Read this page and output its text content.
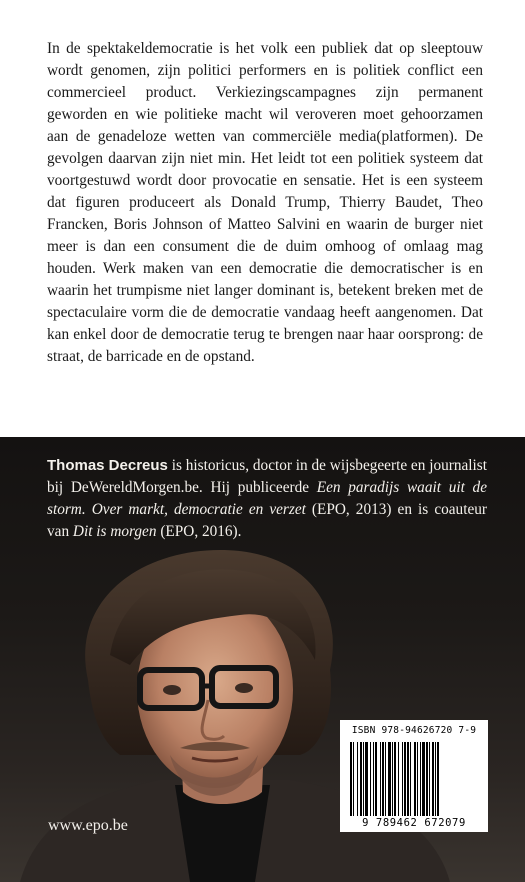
In de spektakeldemocratie is het volk een publiek dat op sleeptouw wordt genomen, zijn politici performers en is politiek conflict een commercieel product. Verkiezingscampagnes zijn permanent geworden en wie politieke macht wil veroveren moet gehoorzamen aan de genadeloze wetten van commerciële media(platformen). De gevolgen daarvan zijn niet min. Het leidt tot een politiek systeem dat voortgestuwd wordt door provocatie en sensatie. Het is een systeem dat figuren produceert als Donald Trump, Thierry Baudet, Theo Francken, Boris Johnson of Matteo Salvini en waarin de burger niet meer is dan een consument die de duim omhoog of omlaag mag houden. Werk maken van een democratie die democratischer is en waarin het trumpisme niet langer dominant is, betekent breken met de spectaculaire vorm die de democratie vandaag heeft aangenomen. Dat kan enkel door de democratie terug te brengen naar haar oorsprong: de straat, de barricade en de opstand.

Thomas Decreus is historicus, doctor in de wijsbegeerte en journalist bij DeWereldMorgen.be. Hij publiceerde Een paradijs waait uit de storm. Over markt, democratie en verzet (EPO, 2013) en is coauteur van Dit is morgen (EPO, 2016).

ISBN 978-94626720 7-9
9 789462 672079
www.epo.be
